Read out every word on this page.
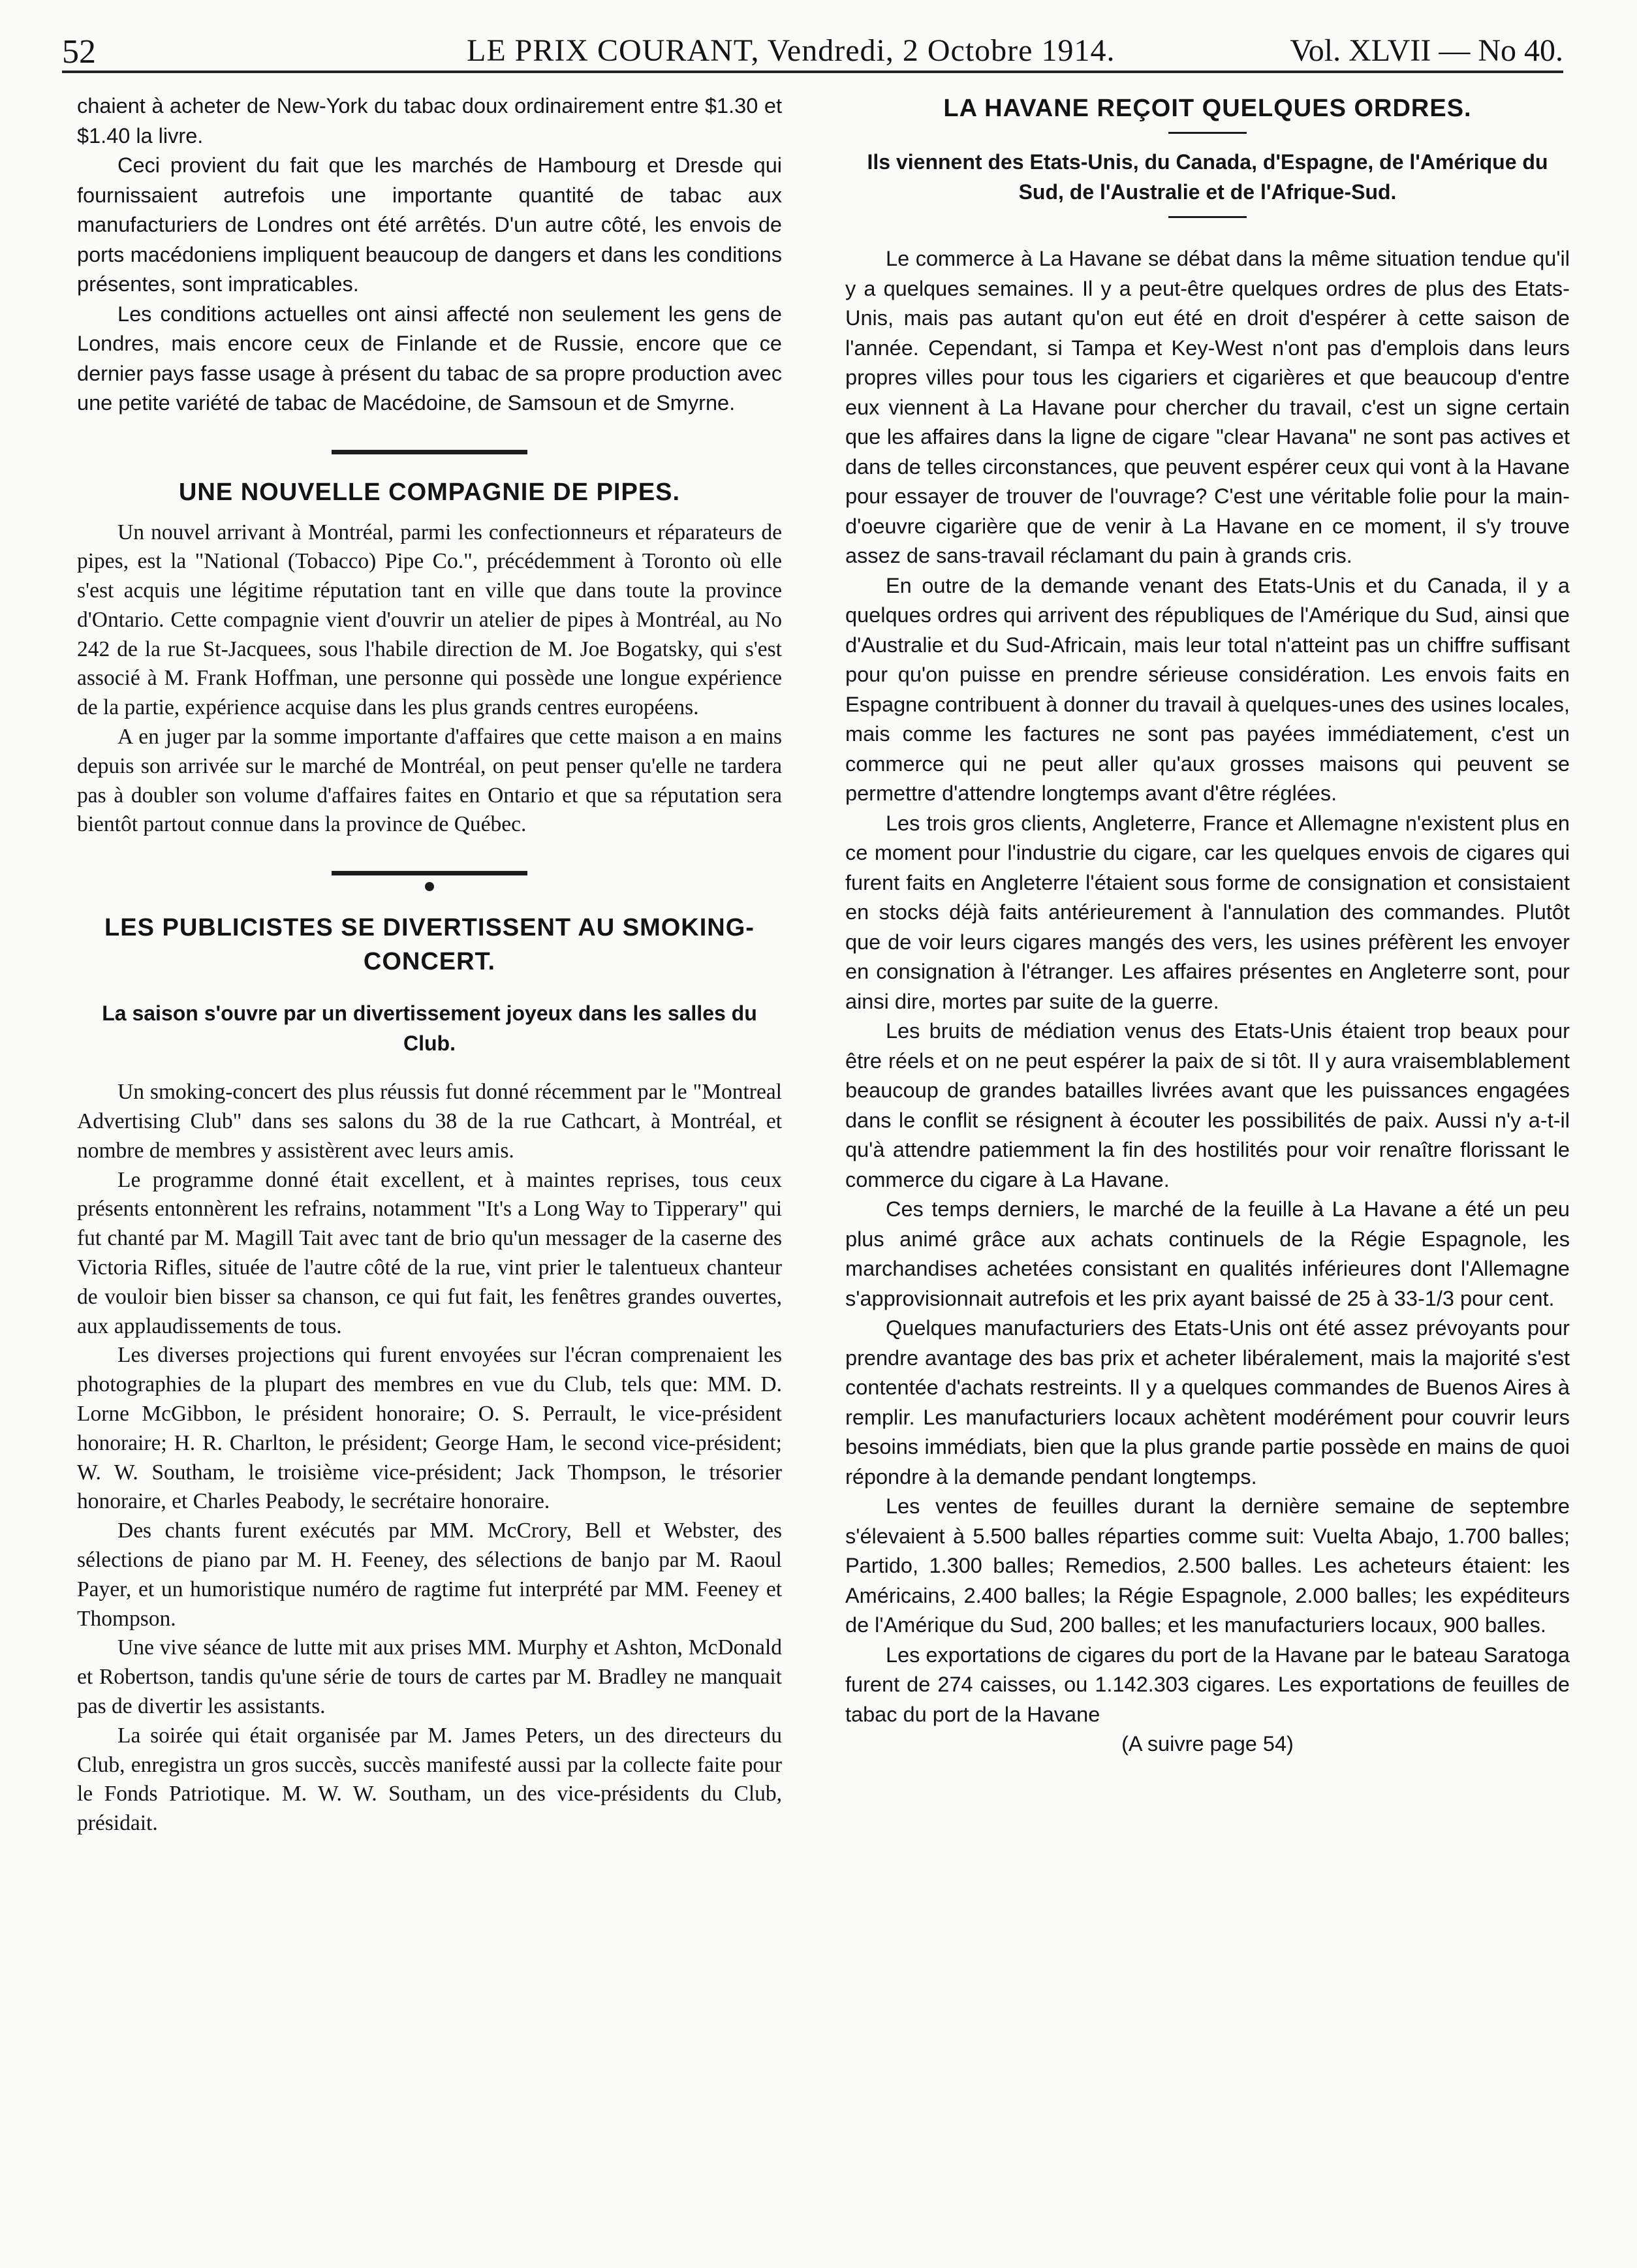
52	LE PRIX COURANT, Vendredi, 2 Octobre 1914.	Vol. XLVII — No 40.

chaient à acheter de New-York du tabac doux ordinairement entre $1.30 et $1.40 la livre.

Ceci provient du fait que les marchés de Hambourg et Dresde qui fournissaient autrefois une importante quantité de tabac aux manufacturiers de Londres ont été arrêtés. D'un autre côté, les envois de ports macédoniens impliquent beaucoup de dangers et dans les conditions présentes, sont impraticables.

Les conditions actuelles ont ainsi affecté non seulement les gens de Londres, mais encore ceux de Finlande et de Russie, encore que ce dernier pays fasse usage à présent du tabac de sa propre production avec une petite variété de tabac de Macédoine, de Samsoun et de Smyrne.

UNE NOUVELLE COMPAGNIE DE PIPES.

Un nouvel arrivant à Montréal, parmi les confectionneurs et réparateurs de pipes, est la "National (Tobacco) Pipe Co.", précédemment à Toronto où elle s'est acquis une légitime réputation tant en ville que dans toute la province d'Ontario. Cette compagnie vient d'ouvrir un atelier de pipes à Montréal, au No 242 de la rue St-Jacquees, sous l'habile direction de M. Joe Bogatsky, qui s'est associé à M. Frank Hoffman, une personne qui possède une longue expérience de la partie, expérience acquise dans les plus grands centres européens.

A en juger par la somme importante d'affaires que cette maison a en mains depuis son arrivée sur le marché de Montréal, on peut penser qu'elle ne tardera pas à doubler son volume d'affaires faites en Ontario et que sa réputation sera bientôt partout connue dans la province de Québec.

LES PUBLICISTES SE DIVERTISSENT AU SMOKING-CONCERT.
La saison s'ouvre par un divertissement joyeux dans les salles du Club.

Un smoking-concert des plus réussis fut donné récemment par le "Montreal Advertising Club" dans ses salons du 38 de la rue Cathcart, à Montréal, et nombre de membres y assistèrent avec leurs amis.

Le programme donné était excellent, et à maintes reprises, tous ceux présents entonnèrent les refrains, notamment "It's a Long Way to Tipperary" qui fut chanté par M. Magill Tait avec tant de brio qu'un messager de la caserne des Victoria Rifles, située de l'autre côté de la rue, vint prier le talentueux chanteur de vouloir bien bisser sa chanson, ce qui fut fait, les fenêtres grandes ouvertes, aux applaudissements de tous.

Les diverses projections qui furent envoyées sur l'écran comprenaient les photographies de la plupart des membres en vue du Club, tels que: MM. D. Lorne McGibbon, le président honoraire; O. S. Perrault, le vice-président honoraire; H. R. Charlton, le président; George Ham, le second vice-président; W. W. Southam, le troisième vice-président; Jack Thompson, le trésorier honoraire, et Charles Peabody, le secrétaire honoraire.

Des chants furent exécutés par MM. McCrory, Bell et Webster, des sélections de piano par M. H. Feeney, des sélections de banjo par M. Raoul Payer, et un humoristique numéro de ragtime fut interprété par MM. Feeney et Thompson.

Une vive séance de lutte mit aux prises MM. Murphy et Ashton, McDonald et Robertson, tandis qu'une série de tours de cartes par M. Bradley ne manquait pas de divertir les assistants.

La soirée qui était organisée par M. James Peters, un des directeurs du Club, enregistra un gros succès, succès manifesté aussi par la collecte faite pour le Fonds Patriotique. M. W. W. Southam, un des vice-présidents du Club, présidait.

LA HAVANE REÇOIT QUELQUES ORDRES.
Ils viennent des Etats-Unis, du Canada, d'Espagne, de l'Amérique du Sud, de l'Australie et de l'Afrique-Sud.

Le commerce à La Havane se débat dans la même situation tendue qu'il y a quelques semaines. Il y a peut-être quelques ordres de plus des Etats-Unis, mais pas autant qu'on eut été en droit d'espérer à cette saison de l'année. Cependant, si Tampa et Key-West n'ont pas d'emplois dans leurs propres villes pour tous les cigariers et cigarières et que beaucoup d'entre eux viennent à La Havane pour chercher du travail, c'est un signe certain que les affaires dans la ligne de cigare "clear Havana" ne sont pas actives et dans de telles circonstances, que peuvent espérer ceux qui vont à la Havane pour essayer de trouver de l'ouvrage? C'est une véritable folie pour la main-d'oeuvre cigarière que de venir à La Havane en ce moment, il s'y trouve assez de sans-travail réclamant du pain à grands cris.

En outre de la demande venant des Etats-Unis et du Canada, il y a quelques ordres qui arrivent des républiques de l'Amérique du Sud, ainsi que d'Australie et du Sud-Africain, mais leur total n'atteint pas un chiffre suffisant pour qu'on puisse en prendre sérieuse considération. Les envois faits en Espagne contribuent à donner du travail à quelques-unes des usines locales, mais comme les factures ne sont pas payées immédiatement, c'est un commerce qui ne peut aller qu'aux grosses maisons qui peuvent se permettre d'attendre longtemps avant d'être réglées.

Les trois gros clients, Angleterre, France et Allemagne n'existent plus en ce moment pour l'industrie du cigare, car les quelques envois de cigares qui furent faits en Angleterre l'étaient sous forme de consignation et consistaient en stocks déjà faits antérieurement à l'annulation des commandes. Plutôt que de voir leurs cigares mangés des vers, les usines préfèrent les envoyer en consignation à l'étranger. Les affaires présentes en Angleterre sont, pour ainsi dire, mortes par suite de la guerre.

Les bruits de médiation venus des Etats-Unis étaient trop beaux pour être réels et on ne peut espérer la paix de si tôt. Il y aura vraisemblablement beaucoup de grandes batailles livrées avant que les puissances engagées dans le conflit se résignent à écouter les possibilités de paix. Aussi n'y a-t-il qu'à attendre patiemment la fin des hostilités pour voir renaître florissant le commerce du cigare à La Havane.

Ces temps derniers, le marché de la feuille à La Havane a été un peu plus animé grâce aux achats continuels de la Régie Espagnole, les marchandises achetées consistant en qualités inférieures dont l'Allemagne s'approvisionnait autrefois et les prix ayant baissé de 25 à 33-1/3 pour cent.

Quelques manufacturiers des Etats-Unis ont été assez prévoyants pour prendre avantage des bas prix et acheter libéralement, mais la majorité s'est contentée d'achats restreints. Il y a quelques commandes de Buenos Aires à remplir. Les manufacturiers locaux achètent modérément pour couvrir leurs besoins immédiats, bien que la plus grande partie possède en mains de quoi répondre à la demande pendant longtemps.

Les ventes de feuilles durant la dernière semaine de septembre s'élevaient à 5.500 balles réparties comme suit: Vuelta Abajo, 1.700 balles; Partido, 1.300 balles; Remedios, 2.500 balles. Les acheteurs étaient: les Américains, 2.400 balles; la Régie Espagnole, 2.000 balles; les expéditeurs de l'Amérique du Sud, 200 balles; et les manufacturiers locaux, 900 balles.

Les exportations de cigares du port de la Havane par le bateau Saratoga furent de 274 caisses, ou 1.142.303 cigares. Les exportations de feuilles de tabac du port de la Havane

(A suivre page 54)
